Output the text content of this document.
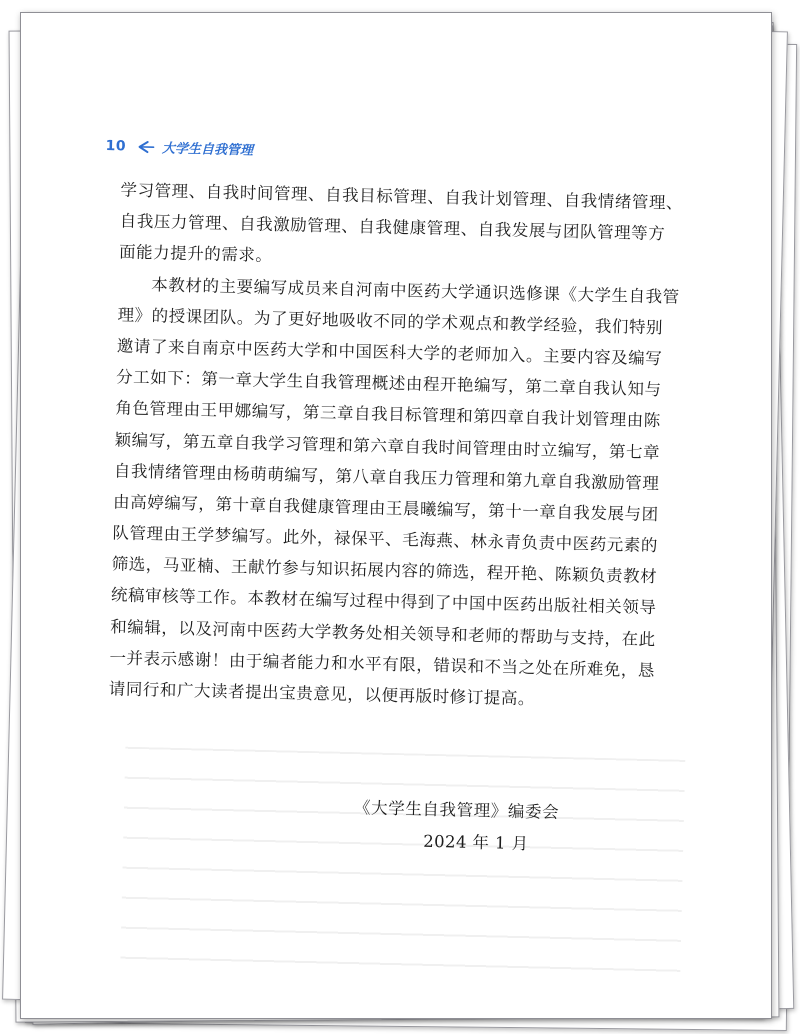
10	大学生自我管理
学习管理、自我时间管理、自我目标管理、自我计划管理、自我情绪管理、
自我压力管理、自我激励管理、自我健康管理、自我发展与团队管理等方
面能力提升的需求。
本教材的主要编写成员来自河南中医药大学通识选修课《大学生自我管
理》的授课团队。为了更好地吸收不同的学术观点和教学经验，我们特别
邀请了来自南京中医药大学和中国医科大学的老师加入。主要内容及编写
分工如下：第一章大学生自我管理概述由程开艳编写，第二章自我认知与
角色管理由王甲娜编写，第三章自我目标管理和第四章自我计划管理由陈
颖编写，第五章自我学习管理和第六章自我时间管理由时立编写，第七章
自我情绪管理由杨萌萌编写，第八章自我压力管理和第九章自我激励管理
由高婷编写，第十章自我健康管理由王晨曦编写，第十一章自我发展与团
队管理由王学梦编写。此外，禄保平、毛海燕、林永青负责中医药元素的
筛选，马亚楠、王献竹参与知识拓展内容的筛选，程开艳、陈颖负责教材
统稿审核等工作。本教材在编写过程中得到了中国中医药出版社相关领导
和编辑，以及河南中医药大学教务处相关领导和老师的帮助与支持，在此
一并表示感谢！由于编者能力和水平有限，错误和不当之处在所难免，恳
请同行和广大读者提出宝贵意见，以便再版时修订提高。
《大学生自我管理》编委会
2024 年 1 月
